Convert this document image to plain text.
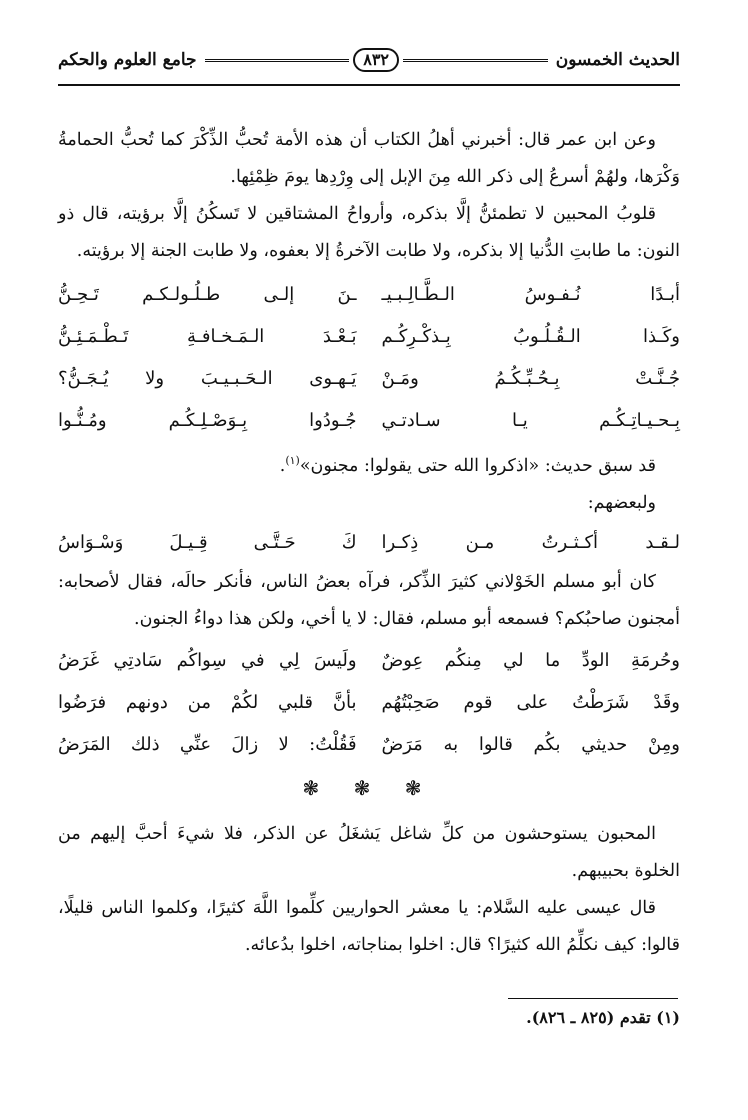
الحديث الخمسون
٨٣٢
جامع العلوم والحكم

وعن ابن عمر قال: أخبرني أهلُ الكتاب أن هذه الأمة تُحبُّ الذِّكْرَ كما تُحبُّ الحمامةُ وَكْرَها، ولهُمْ أسرعُ إلى ذكر الله مِنَ الإبل إلى وِرْدِها يومَ ظِمْئِها.

قلوبُ المحبين لا تطمئنُّ إلَّا بذكره، وأرواحُ المشتاقين لا تَسكُنُ إلَّا برؤيته، قال ذو النون: ما طابتِ الدُّنيا إلا بذكره، ولا طابت الآخرةُ إلا بعفوه، ولا طابت الجنة إلا برؤيته.

أبـدًا نُـفـوسُ الـطَّـالِـبـيـ
ـنَ إلـى طـلُـولـكـم تَـحِـنُّ
وكَـذا الـقُـلُـوبُ بِـذكْـرِكُـم
بَـعْـدَ الـمَـخـافـةِ تَـطْـمَـئِـنُّ
جُـنَّـتْ بِـحُـبِّـكُـمُ ومَـنْ
يَـهـوى الـحَـبـيـبَ ولا يُـجَـنُّ؟
بِـحـيـاتِـكُـم يـا سـادتـي
جُـودُوا بِـوَصْـلِـكُـم ومُـنُّـوا

قد سبق حديث: «اذكروا الله حتى يقولوا: مجنون»$^{(١)}$.

ولبعضهم:

لـقـد أكـثـرتُ مـن ذِكـرا
كَ حَـتَّـى قِـيـلَ وَسْـوَاسُ

كان أبو مسلم الخَوْلاني كثيرَ الذِّكر، فرآه بعضُ الناس، فأنكر حالَه، فقال لأصحابه: أمجنون صاحبُكم؟ فسمعه أبو مسلم، فقال: لا يا أخي، ولكن هذا دواءُ الجنون.

وحُرمَةِ الودِّ ما لي مِنكُم عِوضٌ
ولَيسَ لِي في سِواكُم سَادتِي غَرَضُ
وقَدْ شَرَطْتُ على قوم صَحِبْتُهُم
بأنَّ قلبي لكُمْ من دونهم فرَضُوا
ومِنْ حديثي بكُم قالوا به مَرَضٌ
فَقُلْتُ: لا زالَ عنِّي ذلك المَرَضُ
❃ ❃ ❃

المحبون يستوحشون من كلِّ شاغل يَشغَلُ عن الذكر، فلا شيءَ أحبَّ إليهم من الخلوة بحبيبهم.

قال عيسى عليه السَّلام: يا معشر الحواريين كلِّموا اللَّهَ كثيرًا، وكلموا الناس قليلًا، قالوا: كيف نكلِّمُ الله كثيرًا؟ قال: اخلوا بمناجاته، اخلوا بدُعائه.

(١) تقدم (٨٢٥ ـ ٨٢٦).
